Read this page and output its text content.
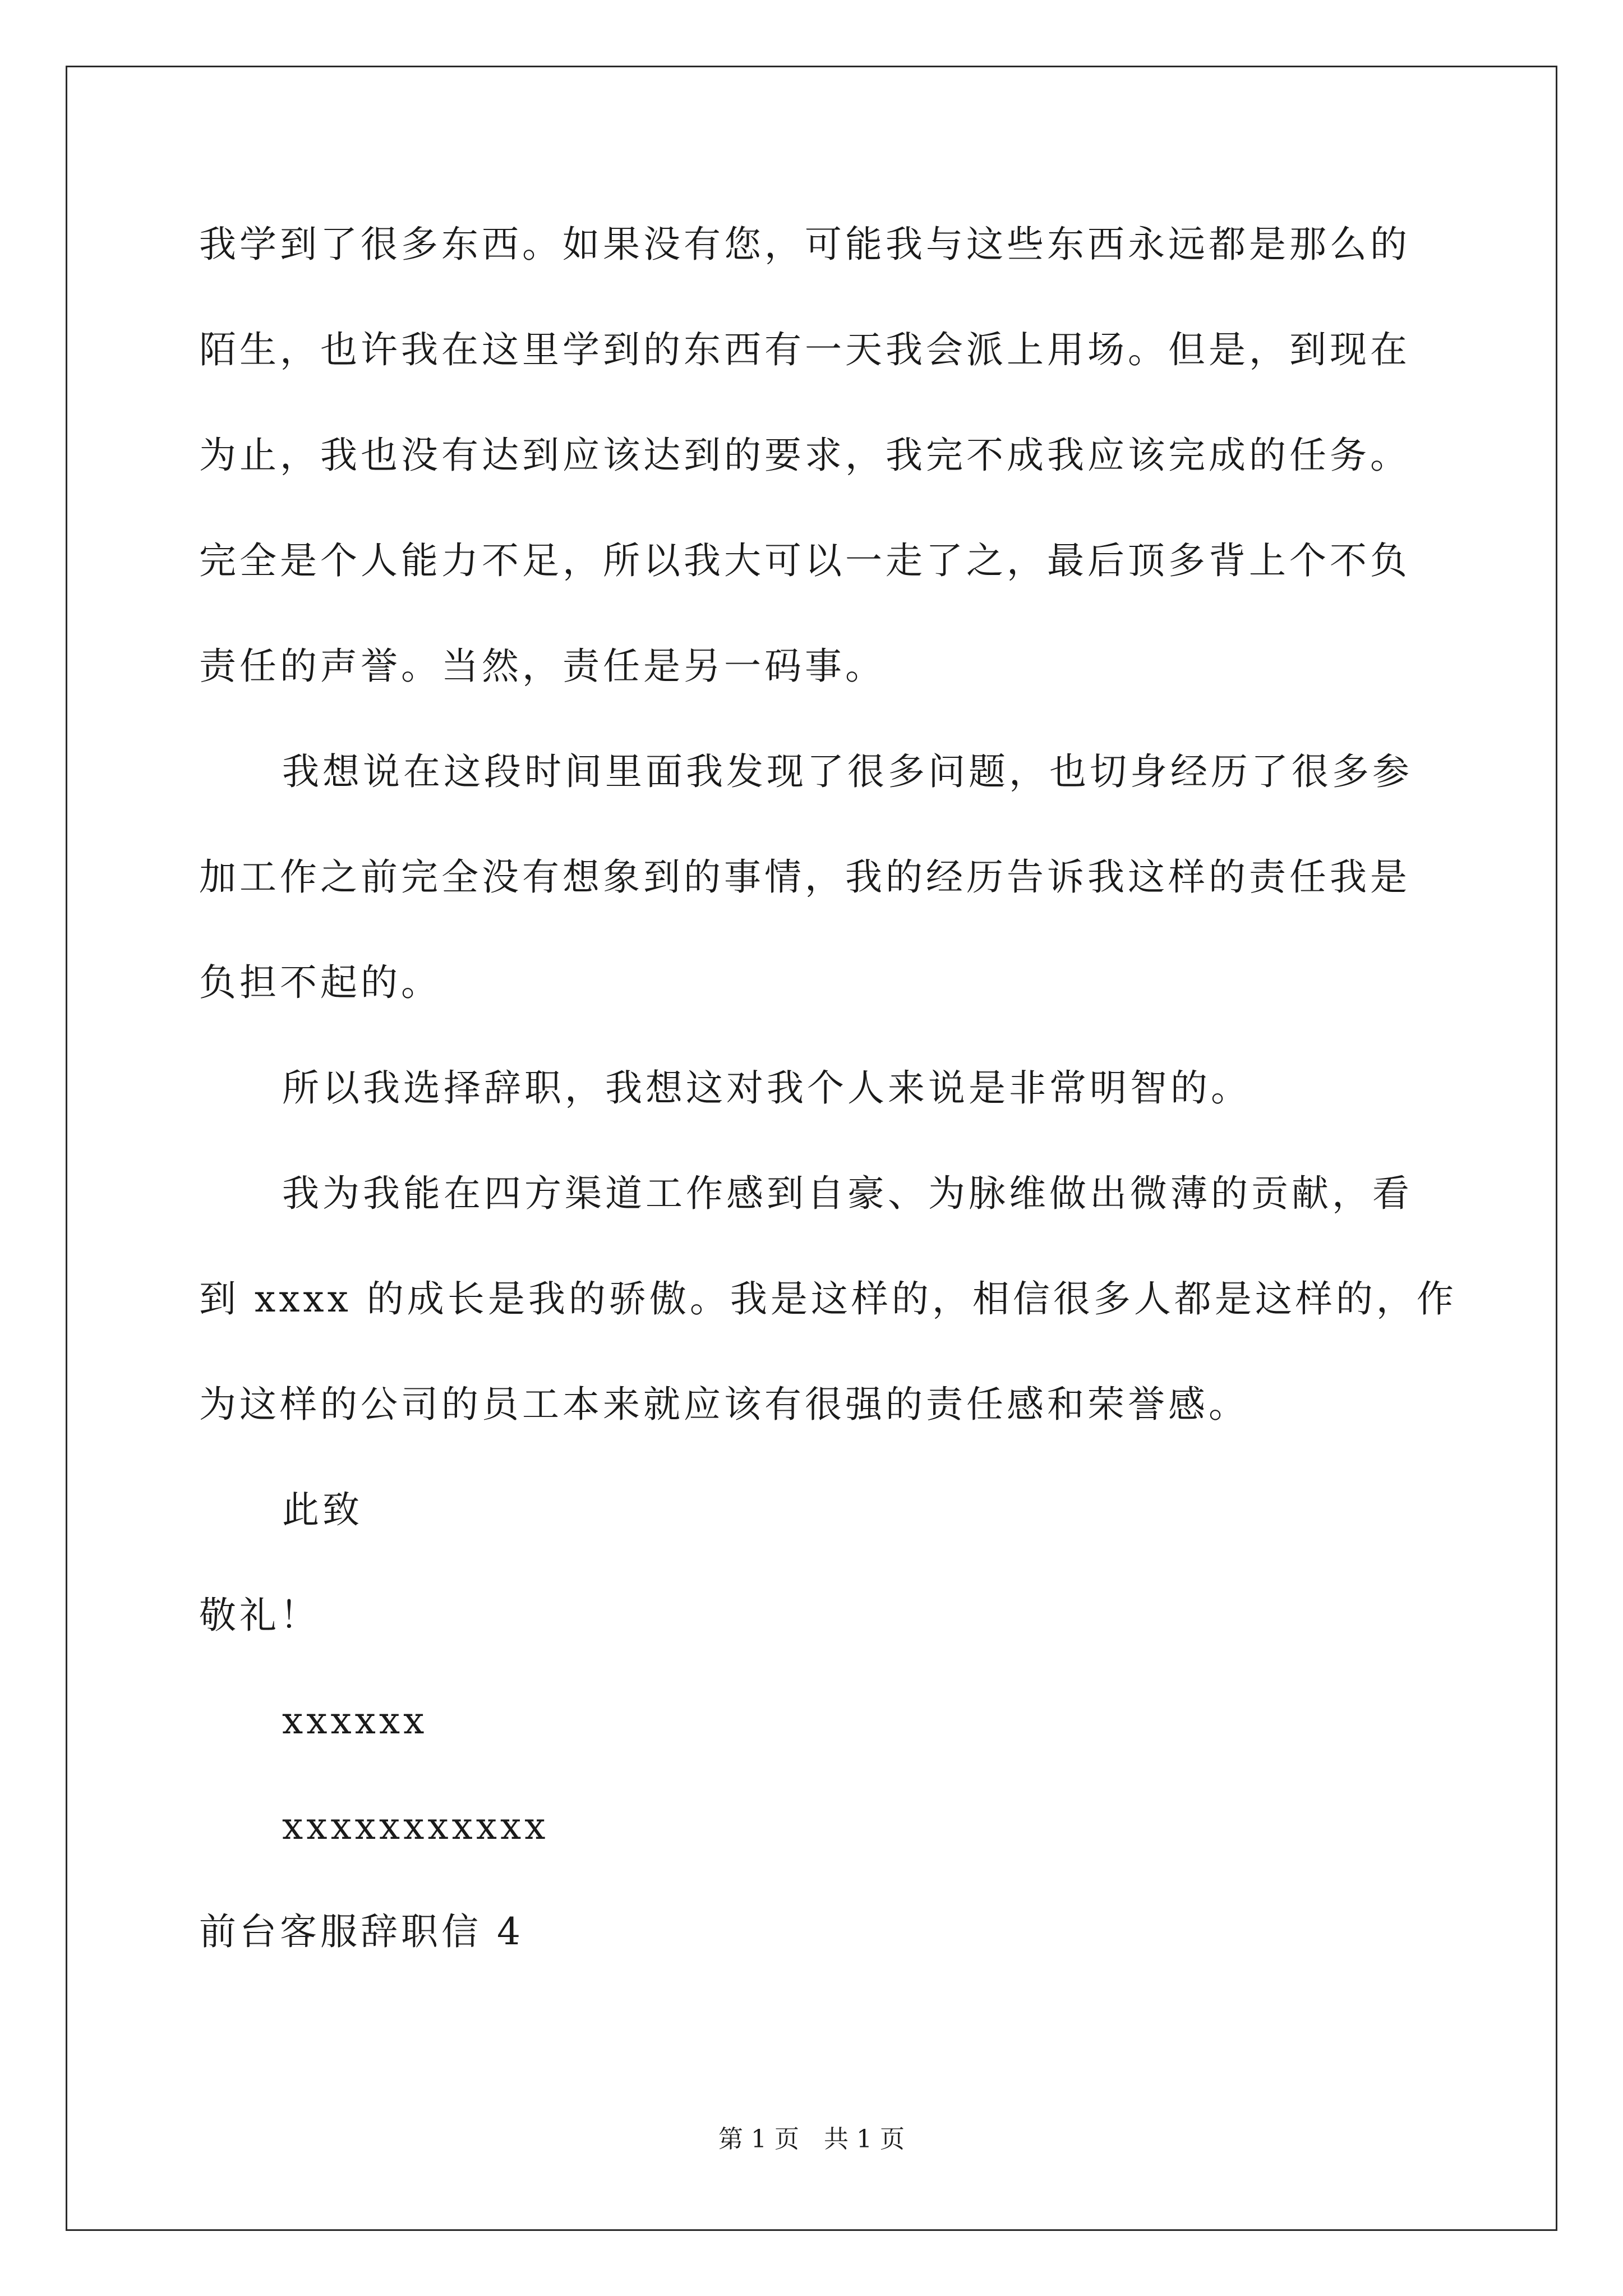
我学到了很多东西。如果没有您，可能我与这些东西永远都是那么的
陌生，也许我在这里学到的东西有一天我会派上用场。但是，到现在
为止，我也没有达到应该达到的要求，我完不成我应该完成的任务。
完全是个人能力不足，所以我大可以一走了之，最后顶多背上个不负
责任的声誉。当然，责任是另一码事。
我想说在这段时间里面我发现了很多问题，也切身经历了很多参
加工作之前完全没有想象到的事情，我的经历告诉我这样的责任我是
负担不起的。
所以我选择辞职，我想这对我个人来说是非常明智的。
我为我能在四方渠道工作感到自豪、为脉维做出微薄的贡献，看
到 xxxx 的成长是我的骄傲。我是这样的，相信很多人都是这样的，作
为这样的公司的员工本来就应该有很强的责任感和荣誉感。
此致
敬礼！
xxxxxx
xxxxxxxxxxx
前台客服辞职信 4
第 1 页　共 1 页
